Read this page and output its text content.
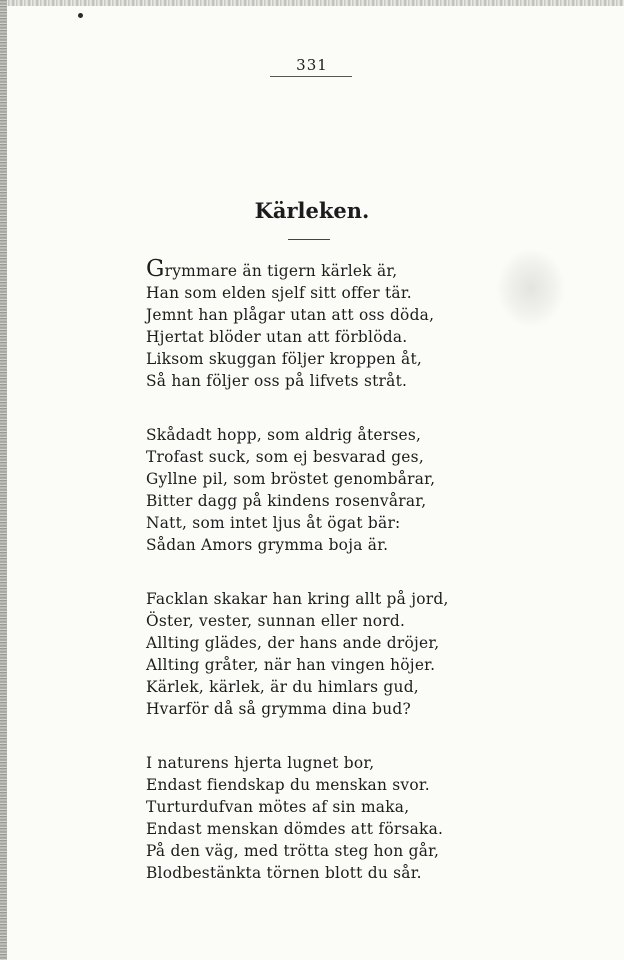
331
Kärleken.
Grymmare än tigern kärlek är,
Han som elden sjelf sitt offer tär.
Jemnt han plågar utan att oss döda,
Hjertat blöder utan att förblöda.
Liksom skuggan följer kroppen åt,
Så han följer oss på lifvets stråt.
Skådadt hopp, som aldrig återses,
Trofast suck, som ej besvarad ges,
Gyllne pil, som bröstet genombårar,
Bitter dagg på kindens rosenvårar,
Natt, som intet ljus åt ögat bär:
Sådan Amors grymma boja är.
Facklan skakar han kring allt på jord,
Öster, vester, sunnan eller nord.
Allting glädes, der hans ande dröjer,
Allting gråter, när han vingen höjer.
Kärlek, kärlek, är du himlars gud,
Hvarför då så grymma dina bud?
I naturens hjerta lugnet bor,
Endast fiendskap du menskan svor.
Turturdufvan mötes af sin maka,
Endast menskan dömdes att försaka.
På den väg, med trötta steg hon går,
Blodbestänkta törnen blott du sår.
